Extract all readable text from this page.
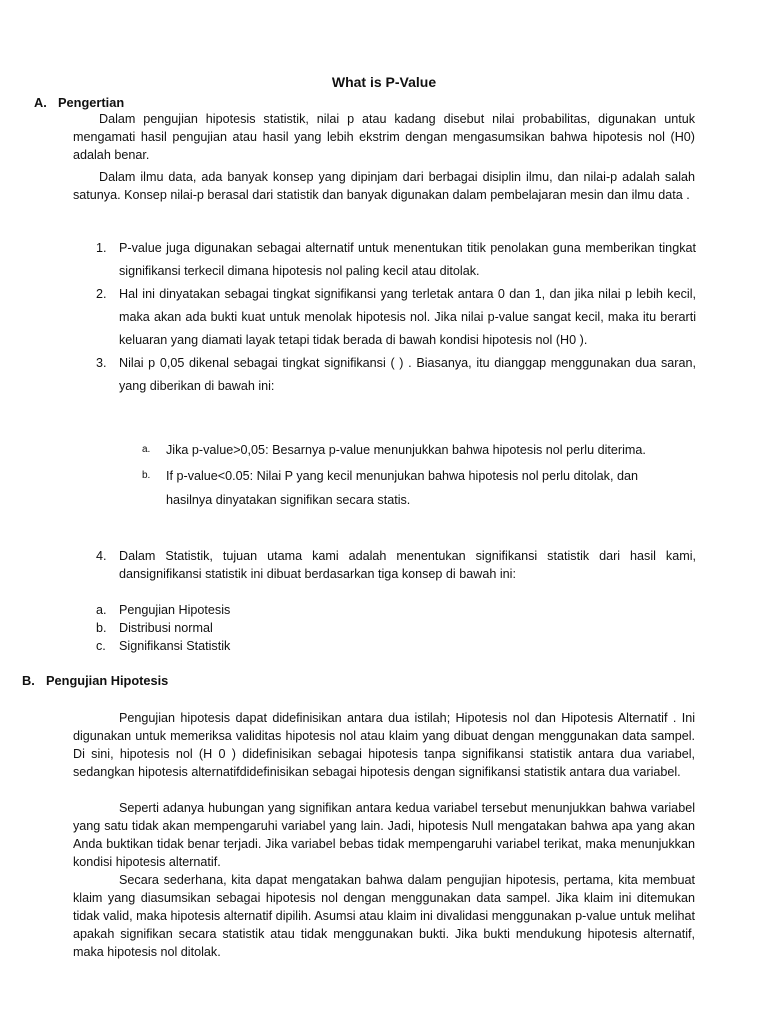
What is P-Value
A. Pengertian

Dalam pengujian hipotesis statistik, nilai p atau kadang disebut nilai probabilitas, digunakan untuk mengamati hasil pengujian atau hasil yang lebih ekstrim dengan mengasumsikan bahwa hipotesis nol (H0) adalah benar.

Dalam ilmu data, ada banyak konsep yang dipinjam dari berbagai disiplin ilmu, dan nilai-p adalah salah satunya. Konsep nilai-p berasal dari statistik dan banyak digunakan dalam pembelajaran mesin dan ilmu data .

1. P-value juga digunakan sebagai alternatif untuk menentukan titik penolakan guna memberikan tingkat signifikansi terkecil dimana hipotesis nol paling kecil atau ditolak.
2. Hal ini dinyatakan sebagai tingkat signifikansi yang terletak antara 0 dan 1, dan jika nilai p lebih kecil, maka akan ada bukti kuat untuk menolak hipotesis nol. Jika nilai p-value sangat kecil, maka itu berarti keluaran yang diamati layak tetapi tidak berada di bawah kondisi hipotesis nol (H0 ).
3. Nilai p 0,05 dikenal sebagai tingkat signifikansi ( ) . Biasanya, itu dianggap menggunakan dua saran, yang diberikan di bawah ini:
a. Jika p-value>0,05: Besarnya p-value menunjukkan bahwa hipotesis nol perlu diterima.
b. If p-value<0.05: Nilai P yang kecil menunjukan bahwa hipotesis nol perlu ditolak, dan hasilnya dinyatakan signifikan secara statis.
4. Dalam Statistik, tujuan utama kami adalah menentukan signifikansi statistik dari hasil kami, dansignifikansi statistik ini dibuat berdasarkan tiga konsep di bawah ini:
a. Pengujian Hipotesis
b. Distribusi normal
c. Signifikansi Statistik
B. Pengujian Hipotesis

Pengujian hipotesis dapat didefinisikan antara dua istilah; Hipotesis nol dan Hipotesis Alternatif . Ini digunakan untuk memeriksa validitas hipotesis nol atau klaim yang dibuat dengan menggunakan data sampel. Di sini, hipotesis nol (H 0 ) didefinisikan sebagai hipotesis tanpa signifikansi statistik antara dua variabel, sedangkan hipotesis alternatifdidefinisikan sebagai hipotesis dengan signifikansi statistik antara dua variabel.

Seperti adanya hubungan yang signifikan antara kedua variabel tersebut menunjukkan bahwa variabel yang satu tidak akan mempengaruhi variabel yang lain. Jadi, hipotesis Null mengatakan bahwa apa yang akan Anda buktikan tidak benar terjadi. Jika variabel bebas tidak mempengaruhi variabel terikat, maka menunjukkan kondisi hipotesis alternatif.

Secara sederhana, kita dapat mengatakan bahwa dalam pengujian hipotesis, pertama, kita membuat klaim yang diasumsikan sebagai hipotesis nol dengan menggunakan data sampel. Jika klaim ini ditemukan tidak valid, maka hipotesis alternatif dipilih. Asumsi atau klaim ini divalidasi menggunakan p-value untuk melihat apakah signifikan secara statistik atau tidak menggunakan bukti. Jika bukti mendukung hipotesis alternatif, maka hipotesis nol ditolak.
